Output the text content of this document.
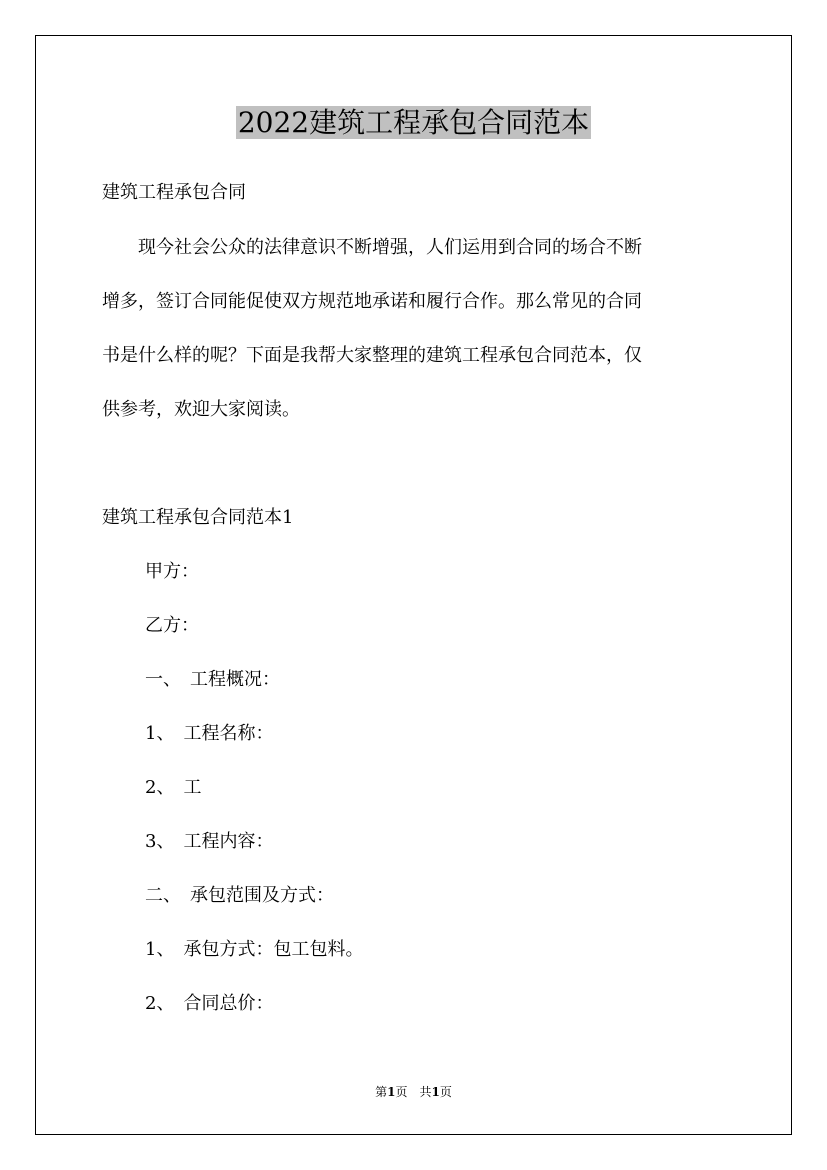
2022建筑工程承包合同范本

建筑工程承包合同

　　现今社会公众的法律意识不断增强，人们运用到合同的场合不断

增多，签订合同能促使双方规范地承诺和履行合作。那么常见的合同

书是什么样的呢？下面是我帮大家整理的建筑工程承包合同范本，仅

供参考，欢迎大家阅读。

建筑工程承包合同范本1

甲方：

乙方：

一、　工程概况：

1、　工程名称：

2、　工

3、　工程内容：

二、　承包范围及方式：

1、　承包方式：包工包料。

2、　合同总价：

第1页　共1页
